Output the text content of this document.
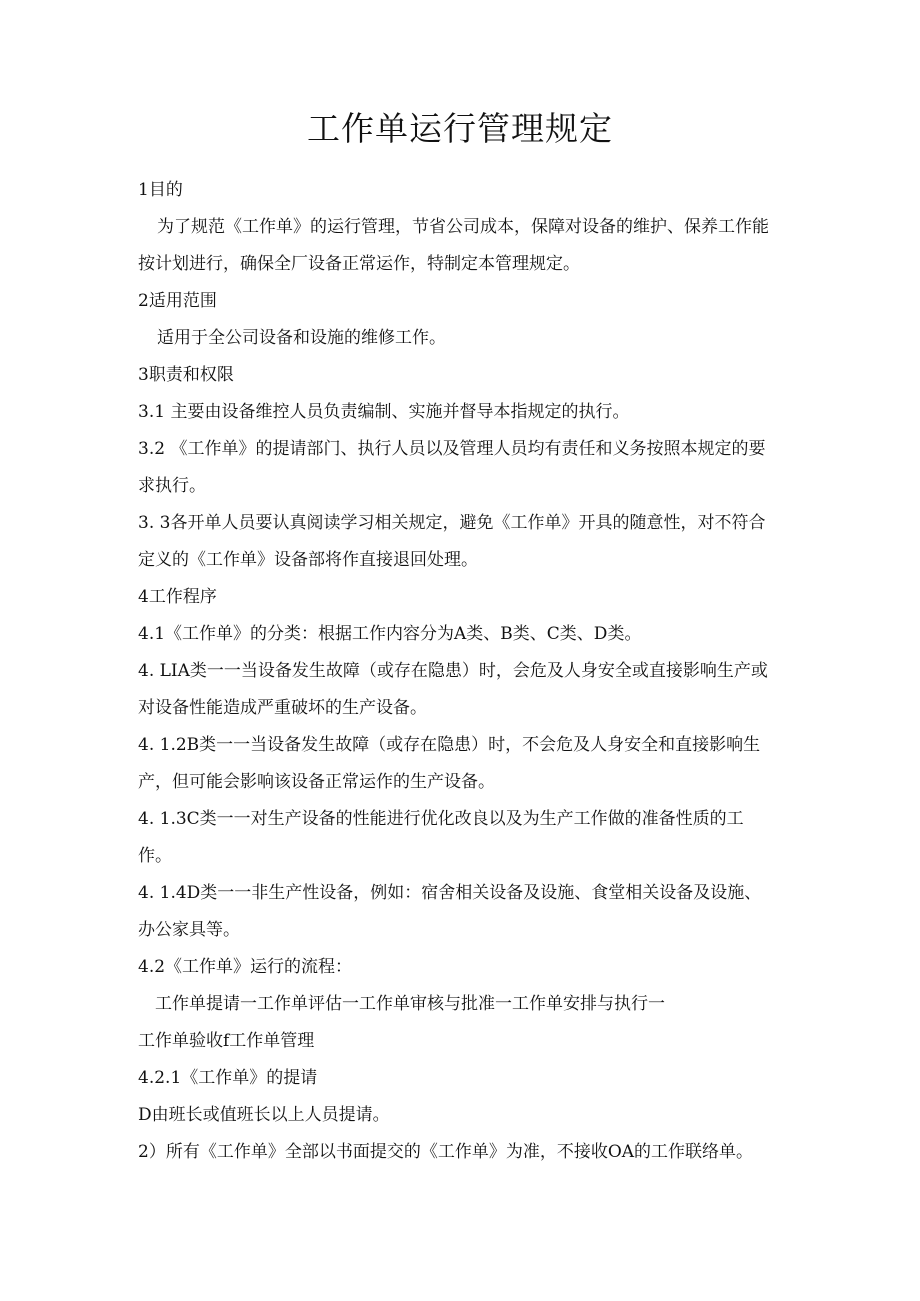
工作单运行管理规定

1目的

为了规范《工作单》的运行管理，节省公司成本，保障对设备的维护、保养工作能

按计划进行，确保全厂设备正常运作，特制定本管理规定。

2适用范围

适用于全公司设备和设施的维修工作。

3职责和权限

3.1 主要由设备维控人员负责编制、实施并督导本指规定的执行。

3.2 《工作单》的提请部门、执行人员以及管理人员均有责任和义务按照本规定的要

求执行。

3. 3各开单人员要认真阅读学习相关规定，避免《工作单》开具的随意性，对不符合

定义的《工作单》设备部将作直接退回处理。

4工作程序

4.1《工作单》的分类：根据工作内容分为A类、B类、C类、D类。

4. LIA类一一当设备发生故障（或存在隐患）时，会危及人身安全或直接影响生产或

对设备性能造成严重破坏的生产设备。

4. 1.2B类一一当设备发生故障（或存在隐患）时，不会危及人身安全和直接影响生

产，但可能会影响该设备正常运作的生产设备。

4. 1.3C类一一对生产设备的性能进行优化改良以及为生产工作做的准备性质的工

作。

4. 1.4D类一一非生产性设备，例如：宿舍相关设备及设施、食堂相关设备及设施、

办公家具等。

4.2《工作单》运行的流程：

工作单提请一工作单评估一工作单审核与批准一工作单安排与执行一

工作单验收f工作单管理

4.2.1《工作单》的提请

D由班长或值班长以上人员提请。

2）所有《工作单》全部以书面提交的《工作单》为准，不接收OA的工作联络单。
